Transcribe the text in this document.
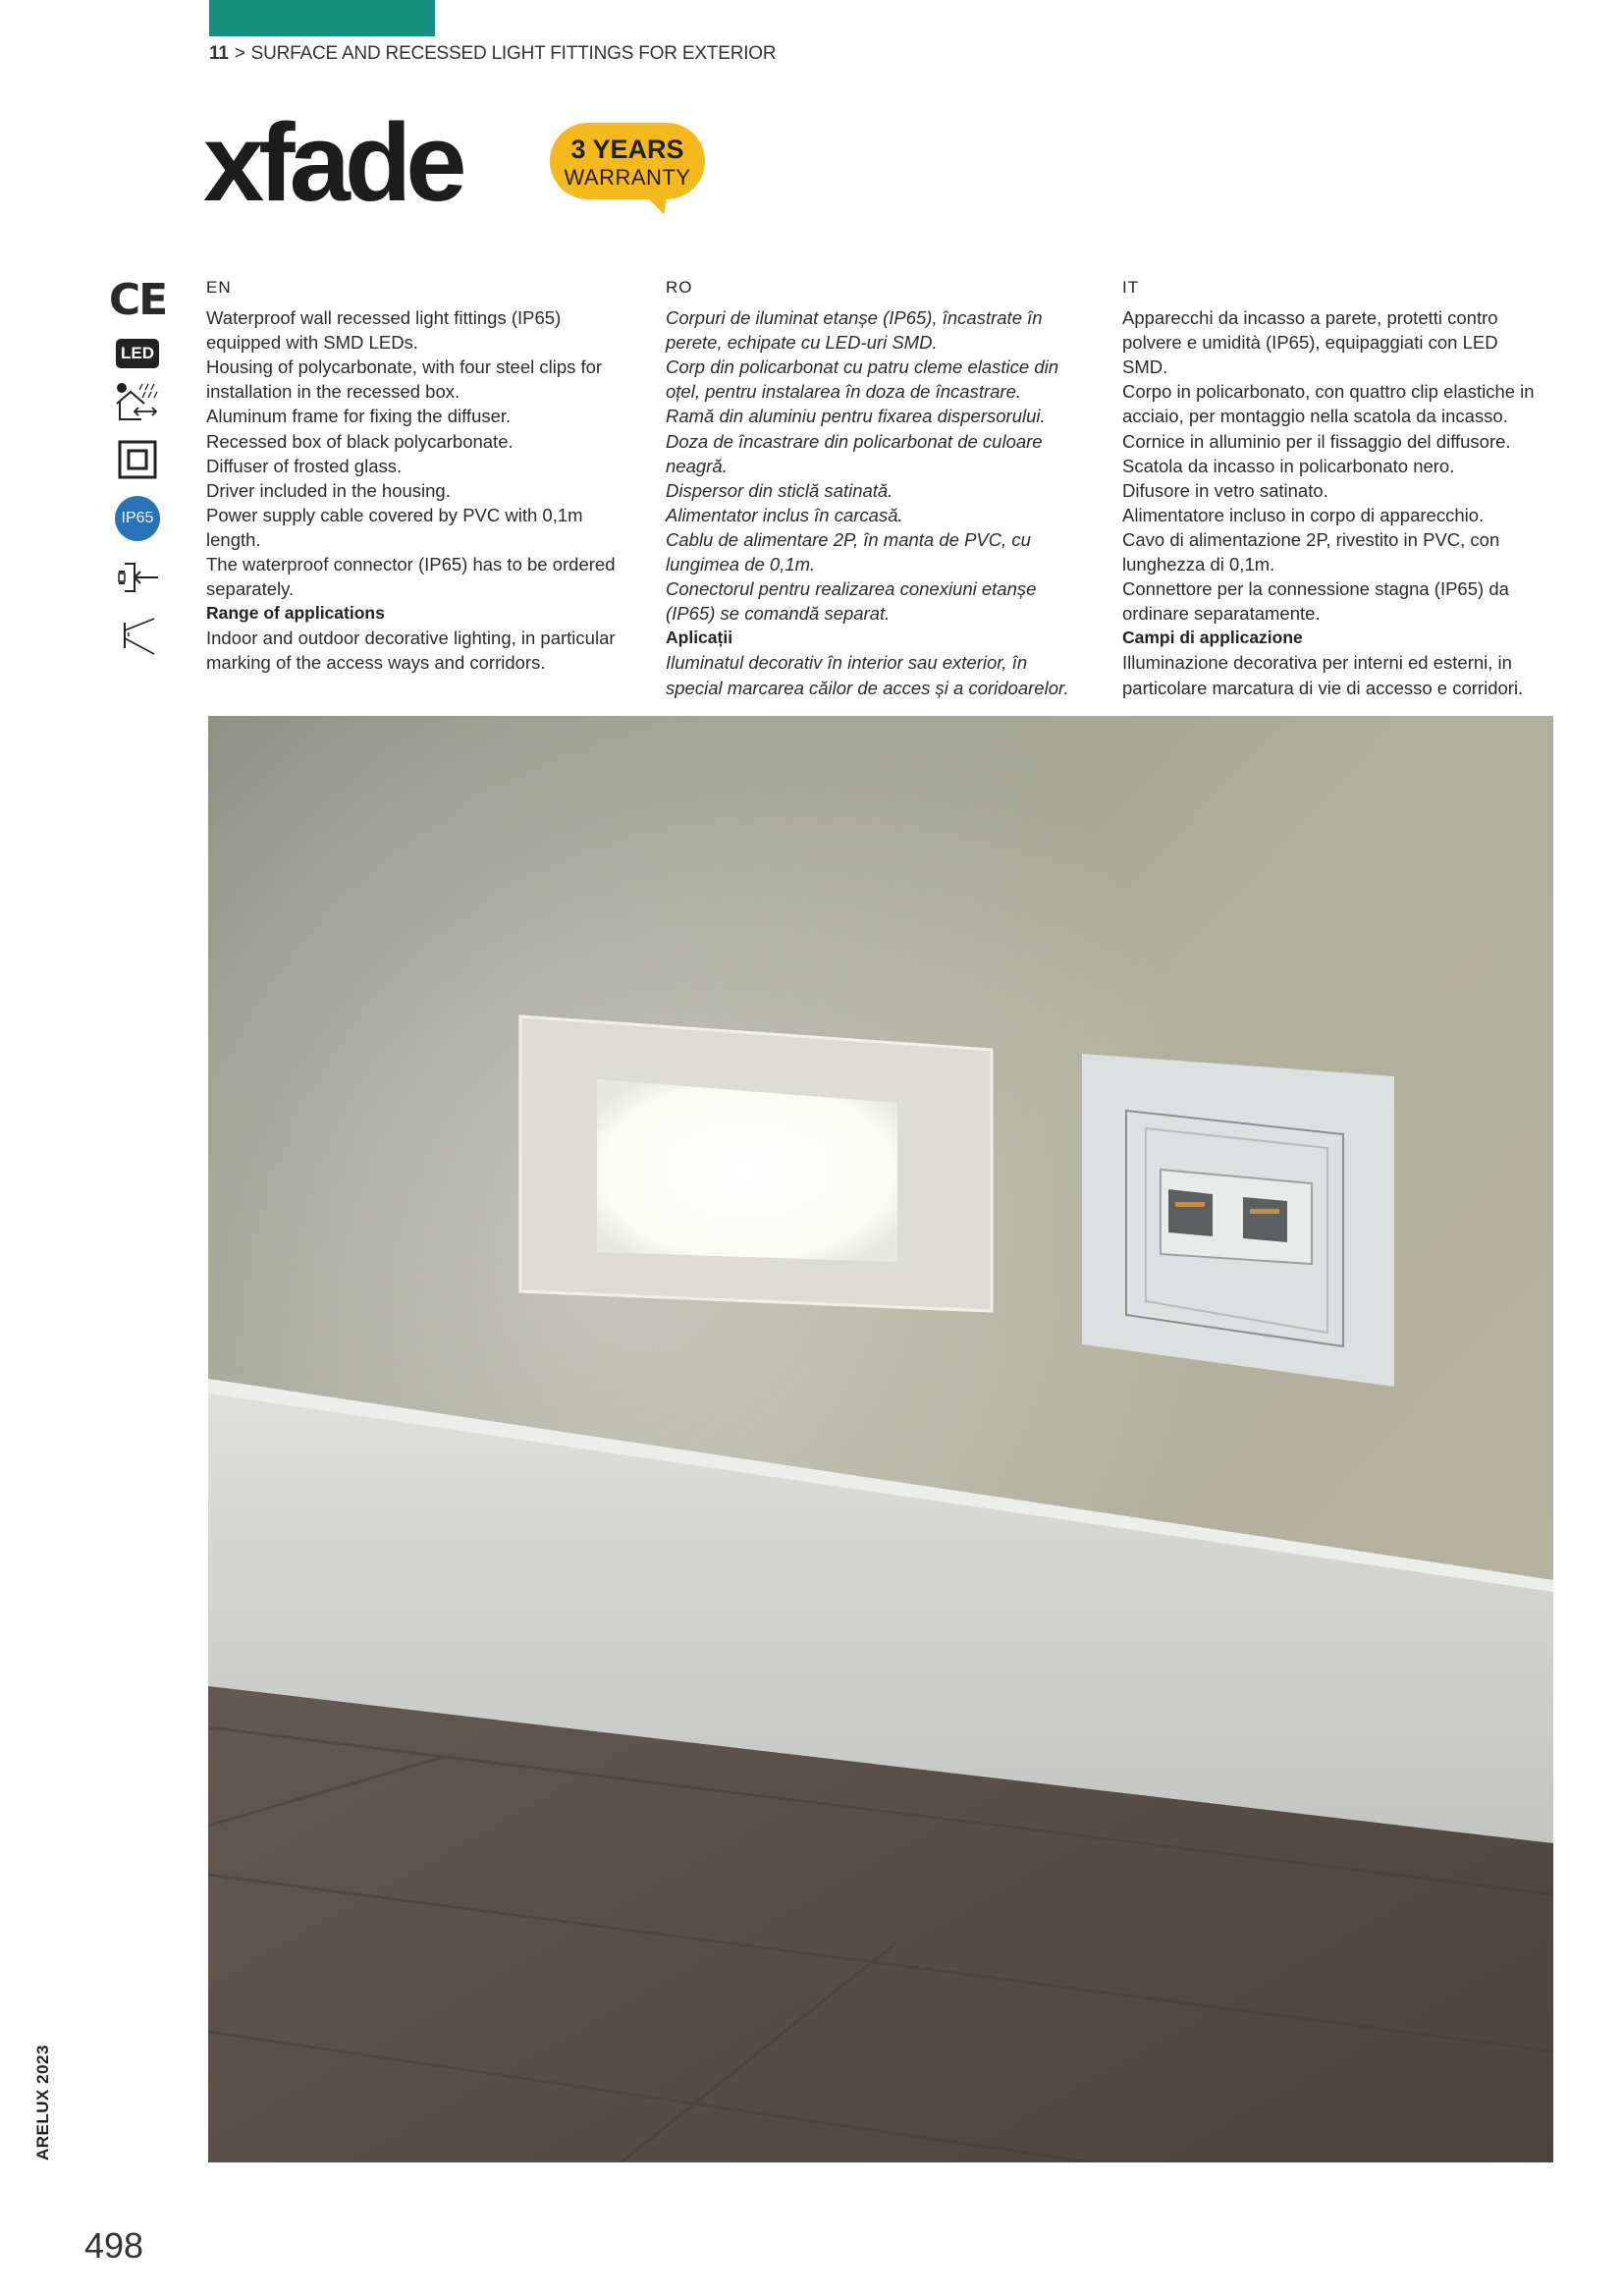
11 > SURFACE AND RECESSED LIGHT FITTINGS FOR EXTERIOR
xfade	3 YEARS
WARRANTY
CE
LED
IP65
EN

Waterproof wall recessed light fittings (IP65) equipped with SMD LEDs.

Housing of polycarbonate, with four steel clips for installation in the recessed box.

Aluminum frame for fixing the diffuser.

Recessed box of black polycarbonate.

Diffuser of frosted glass.

Driver included in the housing.

Power supply cable covered by PVC with 0,1m length.

The waterproof connector (IP65) has to be ordered separately.

Range of applications

Indoor and outdoor decorative lighting, in particular marking of the access ways and corridors.

RO

Corpuri de iluminat etanșe (IP65), încastrate în perete, echipate cu LED-uri SMD.

Corp din policarbonat cu patru cleme elastice din oțel, pentru instalarea în doza de încastrare.

Ramă din aluminiu pentru fixarea dispersorului.

Doza de încastrare din policarbonat de culoare neagră.

Dispersor din sticlă satinată.

Alimentator inclus în carcasă.

Cablu de alimentare 2P, în manta de PVC, cu lungimea de 0,1m.

Conectorul pentru realizarea conexiuni etanșe (IP65) se comandă separat.

Aplicații

Iluminatul decorativ în interior sau exterior, în special marcarea căilor de acces și a coridoarelor.

IT

Apparecchi da incasso a parete, protetti contro polvere e umidità (IP65), equipaggiati con LED SMD.

Corpo in policarbonato, con quattro clip elastiche in acciaio, per montaggio nella scatola da incasso.

Cornice in alluminio per il fissaggio del diffusore.

Scatola da incasso in policarbonato nero.

Difusore in vetro satinato.

Alimentatore incluso in corpo di apparecchio.

Cavo di alimentazione 2P, rivestito in PVC, con lunghezza di 0,1m.

Connettore per la connessione stagna (IP65) da ordinare separatamente.

Campi di applicazione

Illuminazione decorativa per interni ed esterni, in particolare marcatura di vie di accesso e corridori.

ARELUX 2023
498
